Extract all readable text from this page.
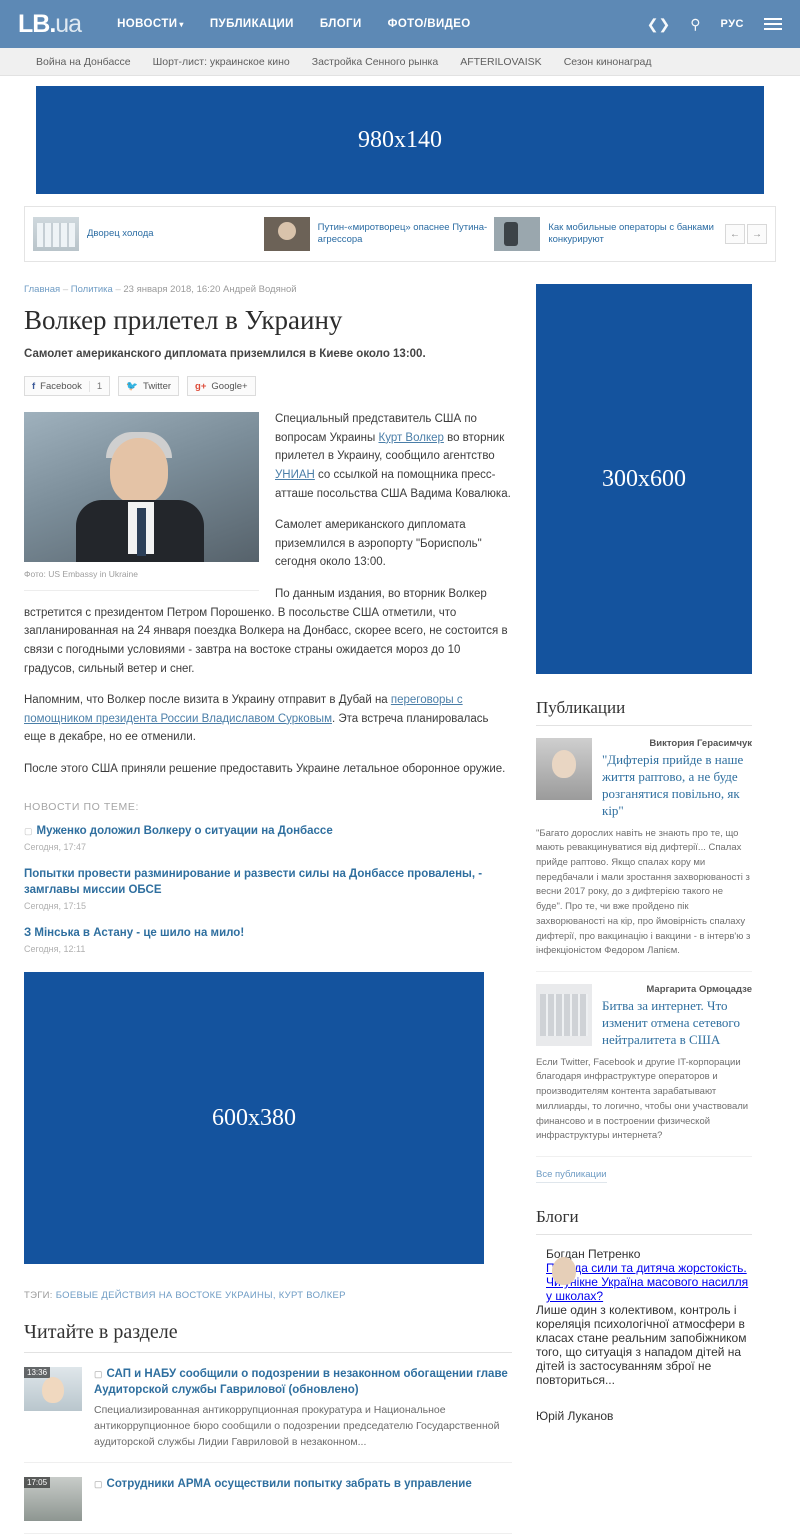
LB.ua	НОВОСТИ ▾ ПУБЛИКАЦИИ БЛОГИ ФОТО/ВИДЕО	❮❯ ⚲ РУС
Война на Донбассе Шорт-лист: украинское кино Застройка Сенного рынка AFTERILOVAISK Сезон кинонаград
980x140
Дворец холода
Путин-«миротворец» опаснее Путина-агрессора
Как мобильные операторы с банками конкурируют	←	→
Главная – Политика – 23 января 2018, 16:20 Андрей Водяной
Волкер прилетел в Украину
Самолет американского дипломата приземлился в Киеве около 13:00.
f Facebook	1	🐦 Twitter	g+ Google+
Фото: US Embassy in Ukraine

Специальный представитель США по вопросам Украины Курт Волкер во вторник прилетел в Украину, сообщило агентство УНИАН со ссылкой на помощника пресс-атташе посольства США Вадима Ковалюка.

Самолет американского дипломата приземлился в аэропорту "Борисполь" сегодня около 13:00.

По данным издания, во вторник Волкер встретится с президентом Петром Порошенко. В посольстве США отметили, что запланированная на 24 января поездка Волкера на Донбасс, скорее всего, не состоится в связи с погодными условиями - завтра на востоке страны ожидается мороз до 10 градусов, сильный ветер и снег.

Напомним, что Волкер после визита в Украину отправит в Дубай на переговоры с помощником президента России Владиславом Сурковым. Эта встреча планировалась еще в декабре, но ее отменили.

После этого США приняли решение предоставить Украине летальное оборонное оружие.

НОВОСТИ ПО ТЕМЕ:
▢ Муженко доложил Волкеру о ситуации на Донбассе
Сегодня, 17:47
Попытки провести разминирование и развести силы на Донбассе провалены, - замглавы миссии ОБСЕ
Сегодня, 17:15
З Мінська в Астану - це шило на мило!
Сегодня, 12:11
600x380
ТЭГИ: БОЕВЫЕ ДЕЙСТВИЯ НА ВОСТОКЕ УКРАИНЫ, КУРТ ВОЛКЕР
Читайте в разделе
13:36	▢ САП и НАБУ сообщили о подозрении в незаконном обогащении главе Аудиторской службы Гаврилової (обновлено)
Специализированная антикоррупционная прокуратура и Национальное антикоррупционное бюро сообщили о подозрении председателю Государственной аудиторской службы Лидии Гавриловой в незаконном...
17:05	▢ Сотрудники АРМА осуществили попытку забрать в управление
300x600
Публикации
Виктория Герасимчук
"Дифтерія прийде в наше життя раптово, а не буде розганятися повільно, як кір"
"Багато дорослих навіть не знають про те, що мають ревакцинуватися від дифтерії... Спалах прийде раптово. Якщо спалах кору ми передбачали і мали зростання захворюваності з весни 2017 року, до з дифтерією такого не буде". Про те, чи вже пройдено пік захворюваності на кір, про ймовірність спалаху дифтерії, про вакцинацію і вакцини - в інтерв'ю з інфекціоністом Федором Лапієм.
Маргарита Ормоцадзе
Битва за интернет. Что изменит отмена сетевого нейтралитета в США
Если Twitter, Facebook и другие IT-корпорации благодаря инфраструктуре операторов и производителям контента зарабатывают миллиарды, то логично, чтобы они участвовали финансово и в построении физической инфраструктуры интернета?
Все публикации
Блоги
Богдан Петренко
Правда сили та дитяча жорстокість. Чи унікне Україна масового насилля у школах?
Лише один з колективом, контроль і кореляція психологічної атмосфери в класах стане реальним запобіжником того, що ситуація з нападом дітей на дітей із застосуванням зброї не повториться...
Юрій Луканов
